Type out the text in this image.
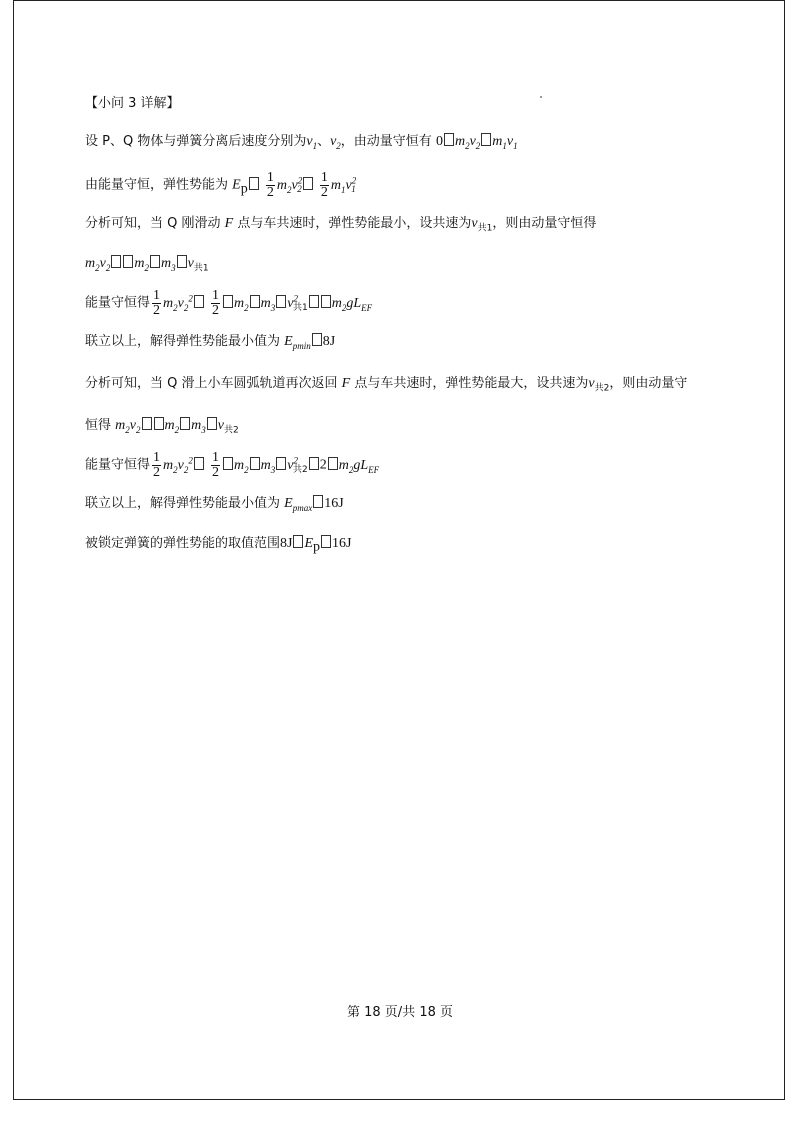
【小问 3 详解】
设 P、Q 物体与弹簧分离后速度分别为$v_1$、$v_2$，由动量守恒有 0 $m_2v_2$ $m_1v_1$
由能量守恒，弹性势能为 $E_p \frac{1}{2} m_2v^2_2 \frac{1}{2} m_1v^2_1$
分析可知，当 Q 刚滑动 F 点与车共速时，弹性势能最小，设共速为$v_{共1}$，则由动量守恒得
$m_2v_2$ $m_2$ $m_3$ $v_{共1}$
能量守恒得 $\frac{1}{2} m_2v_2^2 \frac{1}{2} m_2$ $m_3$ $v^2_{共1}$ $m_2gL_{EF}$
联立以上，解得弹性势能最小值为 $E_{pmin}$ 8J
分析可知，当 Q 滑上小车圆弧轨道再次返回 F 点与车共速时，弹性势能最大，设共速为$v_{共2}$，则由动量守
恒得 $m_2v_2$ $m_2$ $m_3$ $v_{共2}$
能量守恒得 $\frac{1}{2} m_2v_2^2 \frac{1}{2} m_2$ $m_3$ $v^2_{共2}$ 2 $m_2gL_{EF}$
联立以上，解得弹性势能最小值为 $E_{pmax}$ 16J
被锁定弹簧的弹性势能的取值范围8J $E_p$ 16J
第 18 页/共 18 页
